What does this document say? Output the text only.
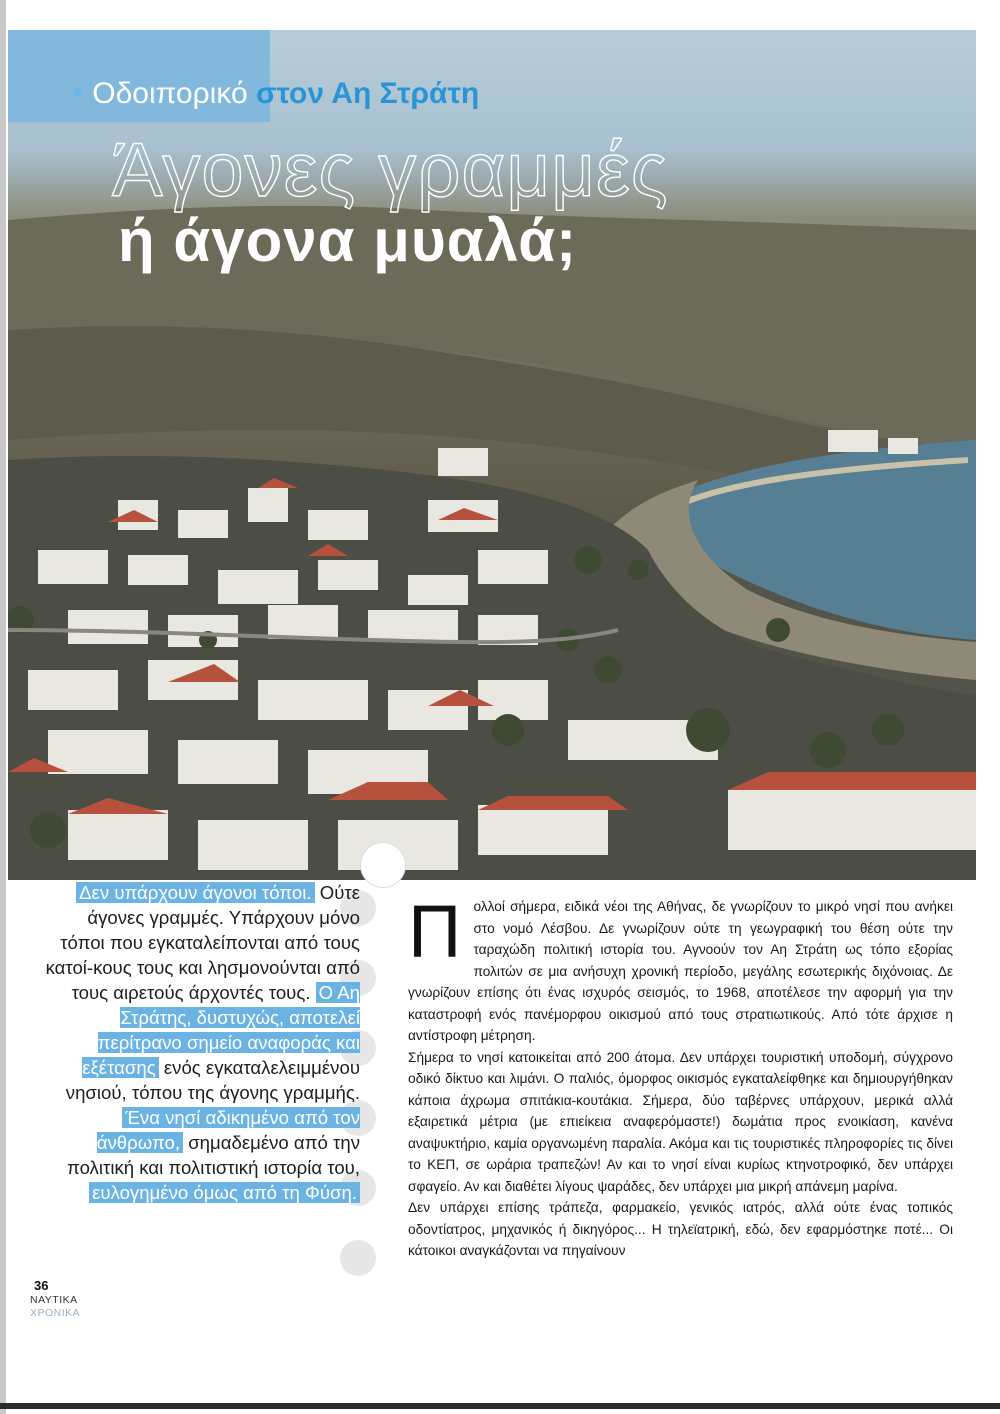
• Οδοιπορικό στον Αη Στράτη
Άγονες γραμμές
ή άγονα μυαλά;
Δεν υπάρχουν άγονοι τόποι. Ούτε άγονες γραμμές. Υπάρχουν μόνο τόποι που εγκαταλείπονται από τους κατοί-κους τους και λησμονούνται από τους αιρετούς άρχοντές τους. Ο Αη Στράτης, δυστυχώς, αποτελεί περίτρανο σημείο αναφοράς και εξέτασης ενός εγκαταλελειμμένου νησιού, τόπου της άγονης γραμμής. Ένα νησί αδικημένο από τον άνθρωπο, σημαδεμένο από την πολιτική και πολιτιστική ιστορία του, ευλογημένο όμως από τη Φύση.

Πολλοί σήμερα, ειδικά νέοι της Αθήνας, δε γνωρίζουν το μικρό νησί που ανήκει στο νομό Λέσβου. Δε γνωρίζουν ούτε τη γεωγραφική του θέση ούτε την ταραχώδη πολιτική ιστορία του. Αγνοούν τον Αη Στράτη ως τόπο εξορίας πολιτών σε μια ανήσυχη χρονική περίοδο, μεγάλης εσωτερικής διχόνοιας. Δε γνωρίζουν επίσης ότι ένας ισχυρός σεισμός, το 1968, αποτέλεσε την αφορμή για την καταστροφή ενός πανέμορφου οικισμού από τους στρατιωτικούς. Από τότε άρχισε η αντίστροφη μέτρηση.

Σήμερα το νησί κατοικείται από 200 άτομα. Δεν υπάρχει τουριστική υποδομή, σύγχρονο οδικό δίκτυο και λιμάνι. Ο παλιός, όμορφος οικισμός εγκαταλείφθηκε και δημιουργήθηκαν κάποια άχρωμα σπιτάκια-κουτάκια. Σήμερα, δύο ταβέρνες υπάρχουν, μερικά αλλά εξαιρετικά μέτρια (με επιείκεια αναφερόμαστε!) δωμάτια προς ενοικίαση, κανένα αναψυκτήριο, καμία οργανωμένη παραλία. Ακόμα και τις τουριστικές πληροφορίες τις δίνει το ΚΕΠ, σε ωράρια τραπεζών! Αν και το νησί είναι κυρίως κτηνοτροφικό, δεν υπάρχει σφαγείο. Αν και διαθέτει λίγους ψαράδες, δεν υπάρχει μια μικρή απάνεμη μαρίνα.

Δεν υπάρχει επίσης τράπεζα, φαρμακείο, γενικός ιατρός, αλλά ούτε ένας τοπικός οδοντίατρος, μηχανικός ή δικηγόρος... Η τηλεϊατρική, εδώ, δεν εφαρμόστηκε ποτέ... Οι κάτοικοι αναγκάζονται να πηγαίνουν

36
ΝΑΥΤΙΚΑ
ΧΡΟΝΙΚΑ
